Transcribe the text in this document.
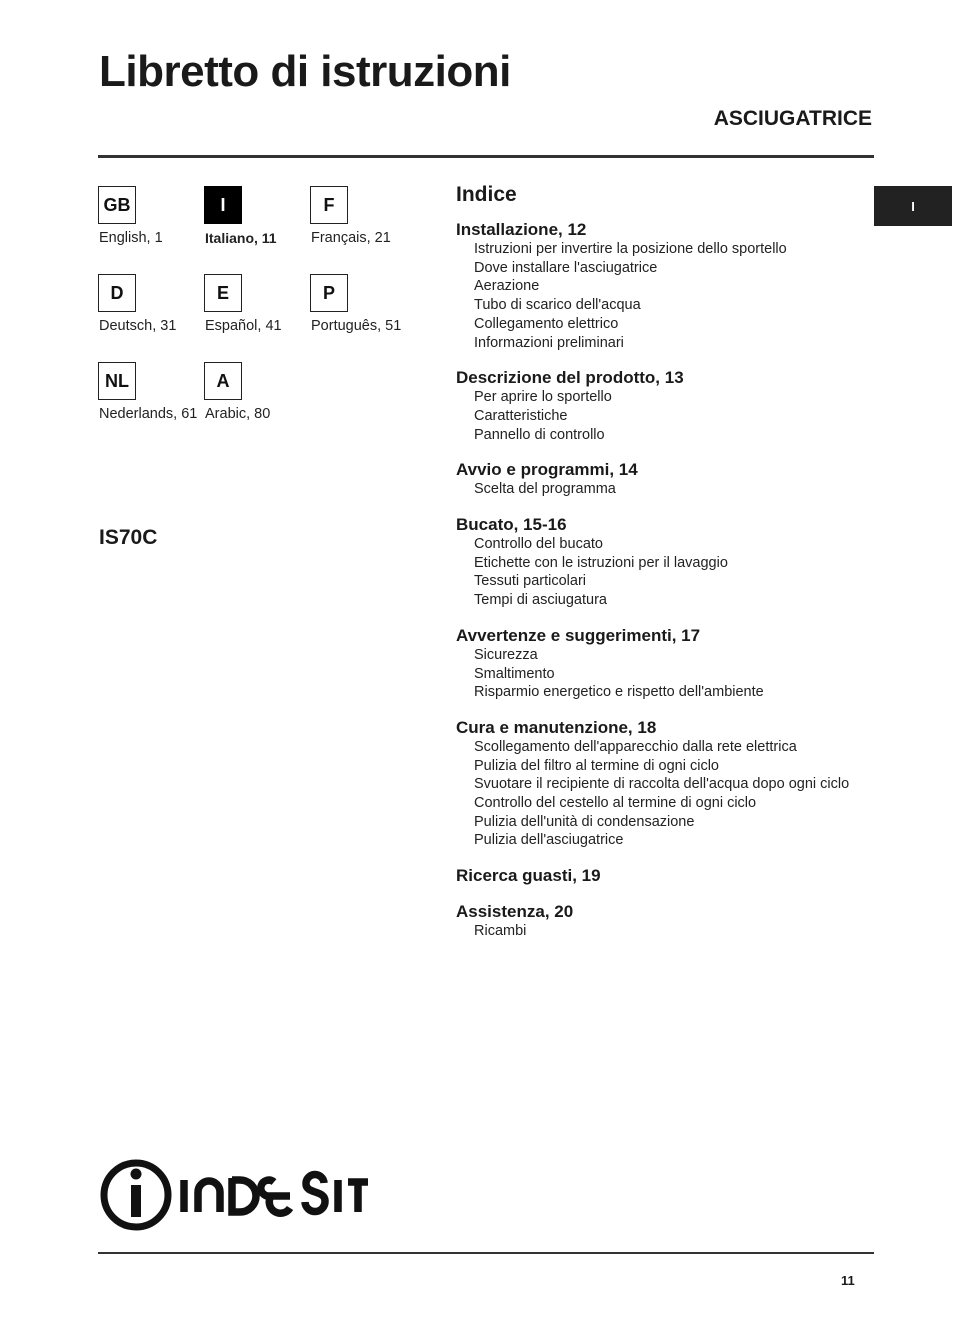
Libretto di istruzioni
ASCIUGATRICE
GB
English, 1
I
Italiano, 11
F
Français, 21
D
Deutsch, 31
E
Español, 41
P
Português, 51
NL
Nederlands, 61
A
Arabic, 80
IS70C
Indice
Installazione, 12
Istruzioni per invertire la posizione dello sportello
Dove installare l'asciugatrice
Aerazione
Tubo di scarico dell'acqua
Collegamento elettrico
Informazioni preliminari
Descrizione del prodotto, 13
Per aprire lo sportello
Caratteristiche
Pannello di controllo
Avvio e programmi, 14
Scelta del programma
Bucato, 15-16
Controllo del bucato
Etichette con le istruzioni per il lavaggio
Tessuti particolari
Tempi di asciugatura
Avvertenze e suggerimenti, 17
Sicurezza
Smaltimento
Risparmio energetico e rispetto dell'ambiente
Cura e manutenzione, 18
Scollegamento dell'apparecchio dalla rete elettrica
Pulizia del filtro al termine di ogni ciclo
Svuotare il recipiente di raccolta dell'acqua dopo ogni ciclo
Controllo del cestello al termine di ogni ciclo
Pulizia dell'unità di condensazione
Pulizia dell'asciugatrice
Ricerca guasti, 19
Assistenza, 20
Ricambi
I
11
